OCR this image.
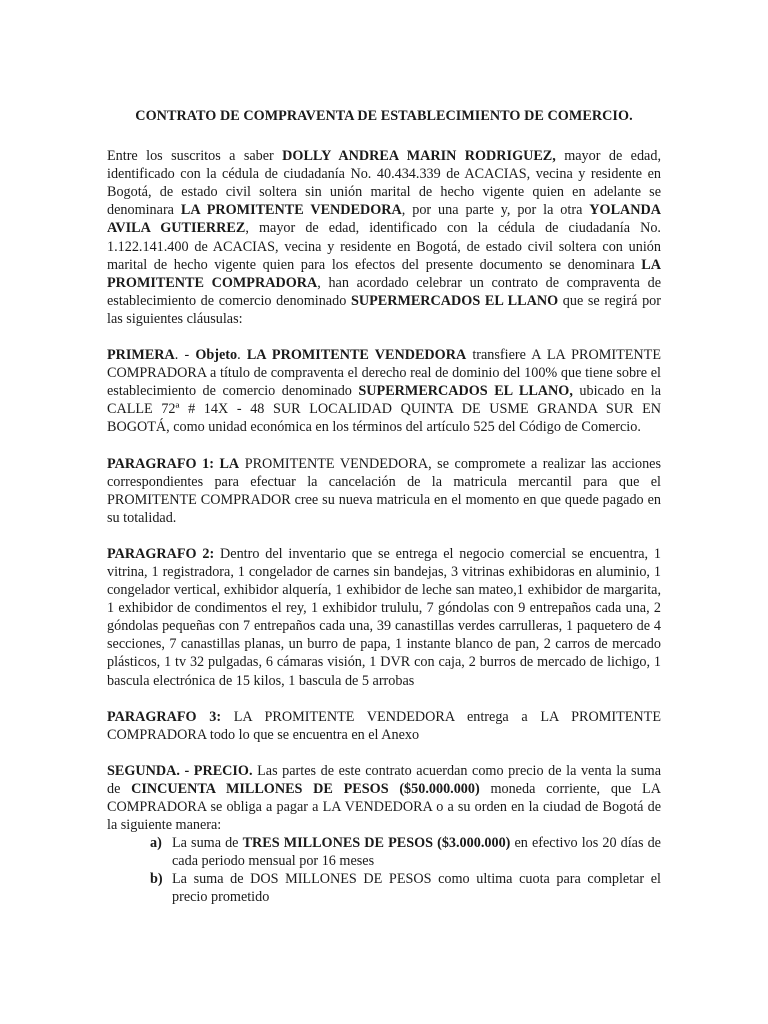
CONTRATO DE COMPRAVENTA DE ESTABLECIMIENTO DE COMERCIO.

Entre los suscritos a saber DOLLY ANDREA MARIN RODRIGUEZ, mayor de edad, identificado con la cédula de ciudadanía No. 40.434.339 de ACACIAS, vecina y residente en Bogotá, de estado civil soltera sin unión marital de hecho vigente quien en adelante se denominara LA PROMITENTE VENDEDORA, por una parte y, por la otra YOLANDA AVILA GUTIERREZ, mayor de edad, identificado con la cédula de ciudadanía No. 1.122.141.400 de ACACIAS, vecina y residente en Bogotá, de estado civil soltera con unión marital de hecho vigente quien para los efectos del presente documento se denominara LA PROMITENTE COMPRADORA, han acordado celebrar un contrato de compraventa de establecimiento de comercio denominado SUPERMERCADOS EL LLANO que se regirá por las siguientes cláusulas:

PRIMERA. - Objeto. LA PROMITENTE VENDEDORA transfiere A LA PROMITENTE COMPRADORA a título de compraventa el derecho real de dominio del 100% que tiene sobre el establecimiento de comercio denominado SUPERMERCADOS EL LLANO, ubicado en la CALLE 72ª # 14X - 48 SUR LOCALIDAD QUINTA DE USME GRANDA SUR EN BOGOTÁ, como unidad económica en los términos del artículo 525 del Código de Comercio.

PARAGRAFO 1: LA PROMITENTE VENDEDORA, se compromete a realizar las acciones correspondientes para efectuar la cancelación de la matricula mercantil para que el PROMITENTE COMPRADOR cree su nueva matricula en el momento en que quede pagado en su totalidad.

PARAGRAFO 2: Dentro del inventario que se entrega el negocio comercial se encuentra, 1 vitrina, 1 registradora, 1 congelador de carnes sin bandejas, 3 vitrinas exhibidoras en aluminio, 1 congelador vertical, exhibidor alquería, 1 exhibidor de leche san mateo,1 exhibidor de margarita, 1 exhibidor de condimentos el rey, 1 exhibidor trululu, 7 góndolas con 9 entrepaños cada una, 2 góndolas pequeñas con 7 entrepaños cada una, 39 canastillas verdes carrulleras, 1 paquetero de 4 secciones, 7 canastillas planas, un burro de papa, 1 instante blanco de pan, 2 carros de mercado plásticos, 1 tv 32 pulgadas, 6 cámaras visión, 1 DVR con caja, 2 burros de mercado de lichigo, 1 bascula electrónica de 15 kilos, 1 bascula de 5 arrobas

PARAGRAFO 3: LA PROMITENTE VENDEDORA entrega a LA PROMITENTE COMPRADORA todo lo que se encuentra en el Anexo

SEGUNDA. - PRECIO. Las partes de este contrato acuerdan como precio de la venta la suma de CINCUENTA MILLONES DE PESOS ($50.000.000) moneda corriente, que LA COMPRADORA se obliga a pagar a LA VENDEDORA o a su orden en la ciudad de Bogotá de la siguiente manera:

a) La suma de TRES MILLONES DE PESOS ($3.000.000) en efectivo los 20 días de cada periodo mensual por 16 meses
b) La suma de DOS MILLONES DE PESOS como ultima cuota para completar el precio prometido
